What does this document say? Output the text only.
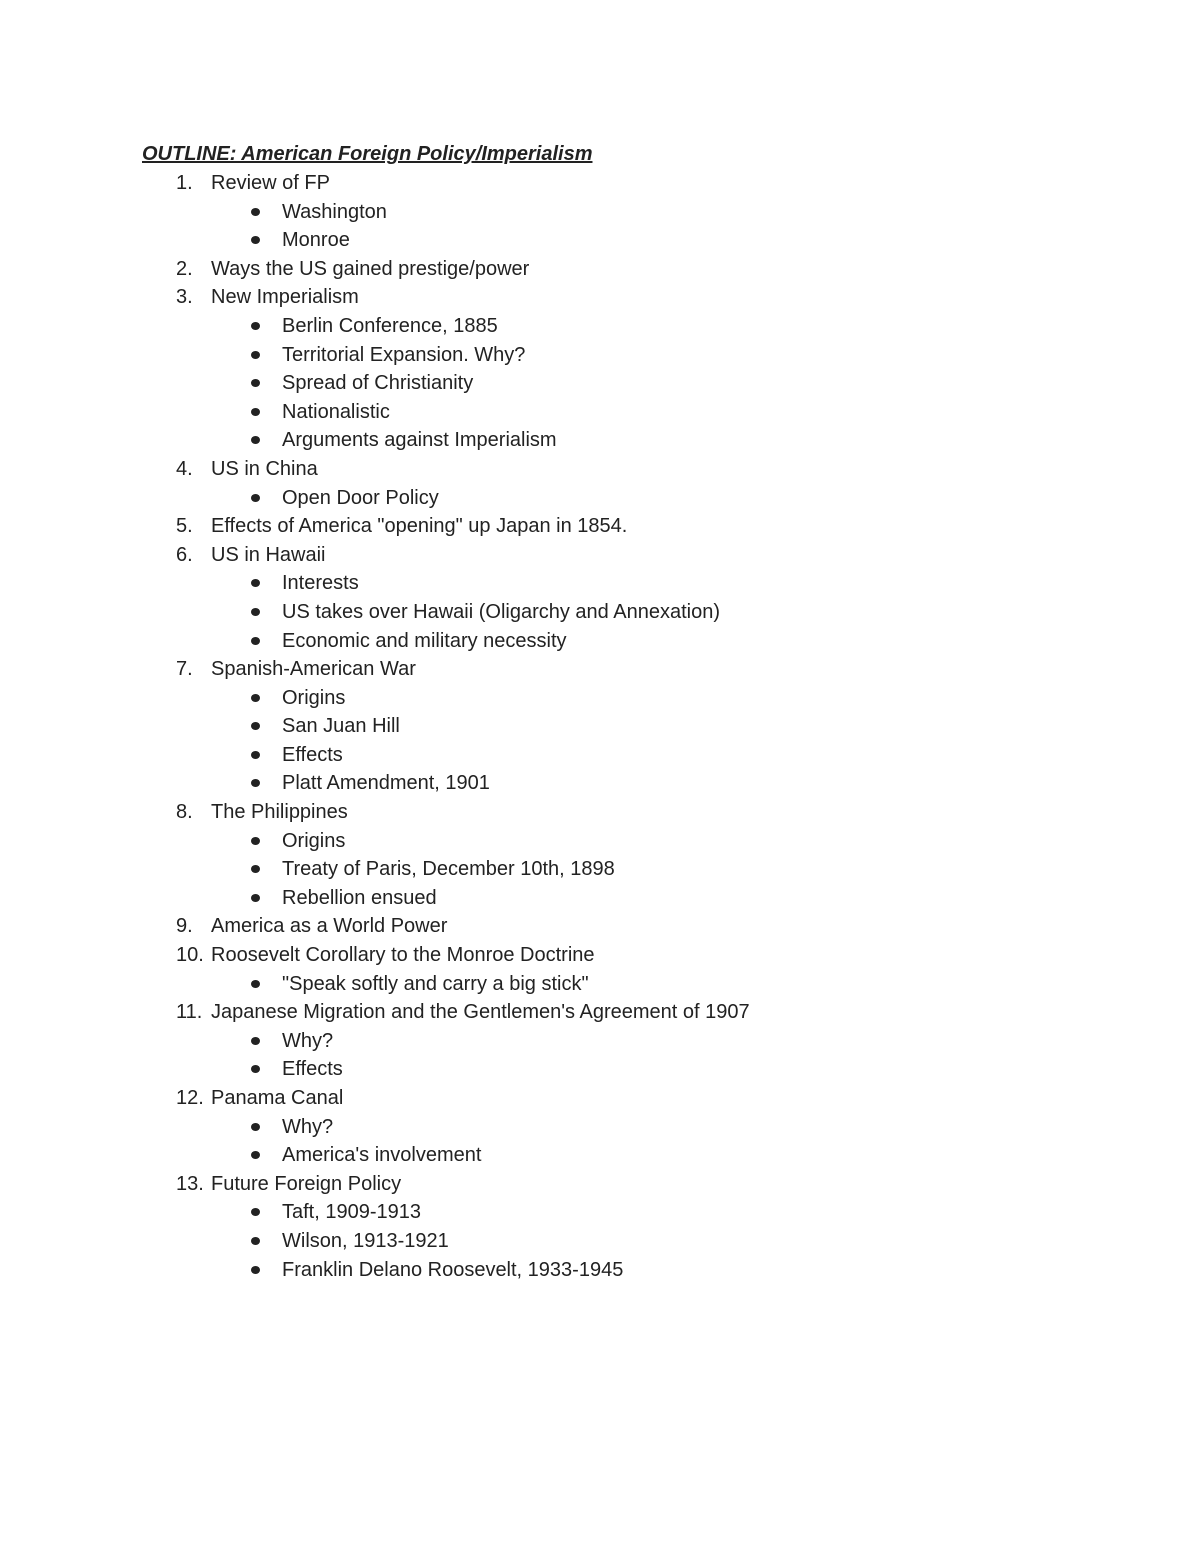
OUTLINE: American Foreign Policy/Imperialism
1. Review of FP
Washington
Monroe
2. Ways the US gained prestige/power
3. New Imperialism
Berlin Conference, 1885
Territorial Expansion. Why?
Spread of Christianity
Nationalistic
Arguments against Imperialism
4. US in China
Open Door Policy
5. Effects of America "opening" up Japan in 1854.
6. US in Hawaii
Interests
US takes over Hawaii (Oligarchy and Annexation)
Economic and military necessity
7. Spanish-American War
Origins
San Juan Hill
Effects
Platt Amendment, 1901
8. The Philippines
Origins
Treaty of Paris, December 10th, 1898
Rebellion ensued
9. America as a World Power
10. Roosevelt Corollary to the Monroe Doctrine
"Speak softly and carry a big stick"
11. Japanese Migration and the Gentlemen's Agreement of 1907
Why?
Effects
12. Panama Canal
Why?
America's involvement
13. Future Foreign Policy
Taft, 1909-1913
Wilson, 1913-1921
Franklin Delano Roosevelt, 1933-1945
